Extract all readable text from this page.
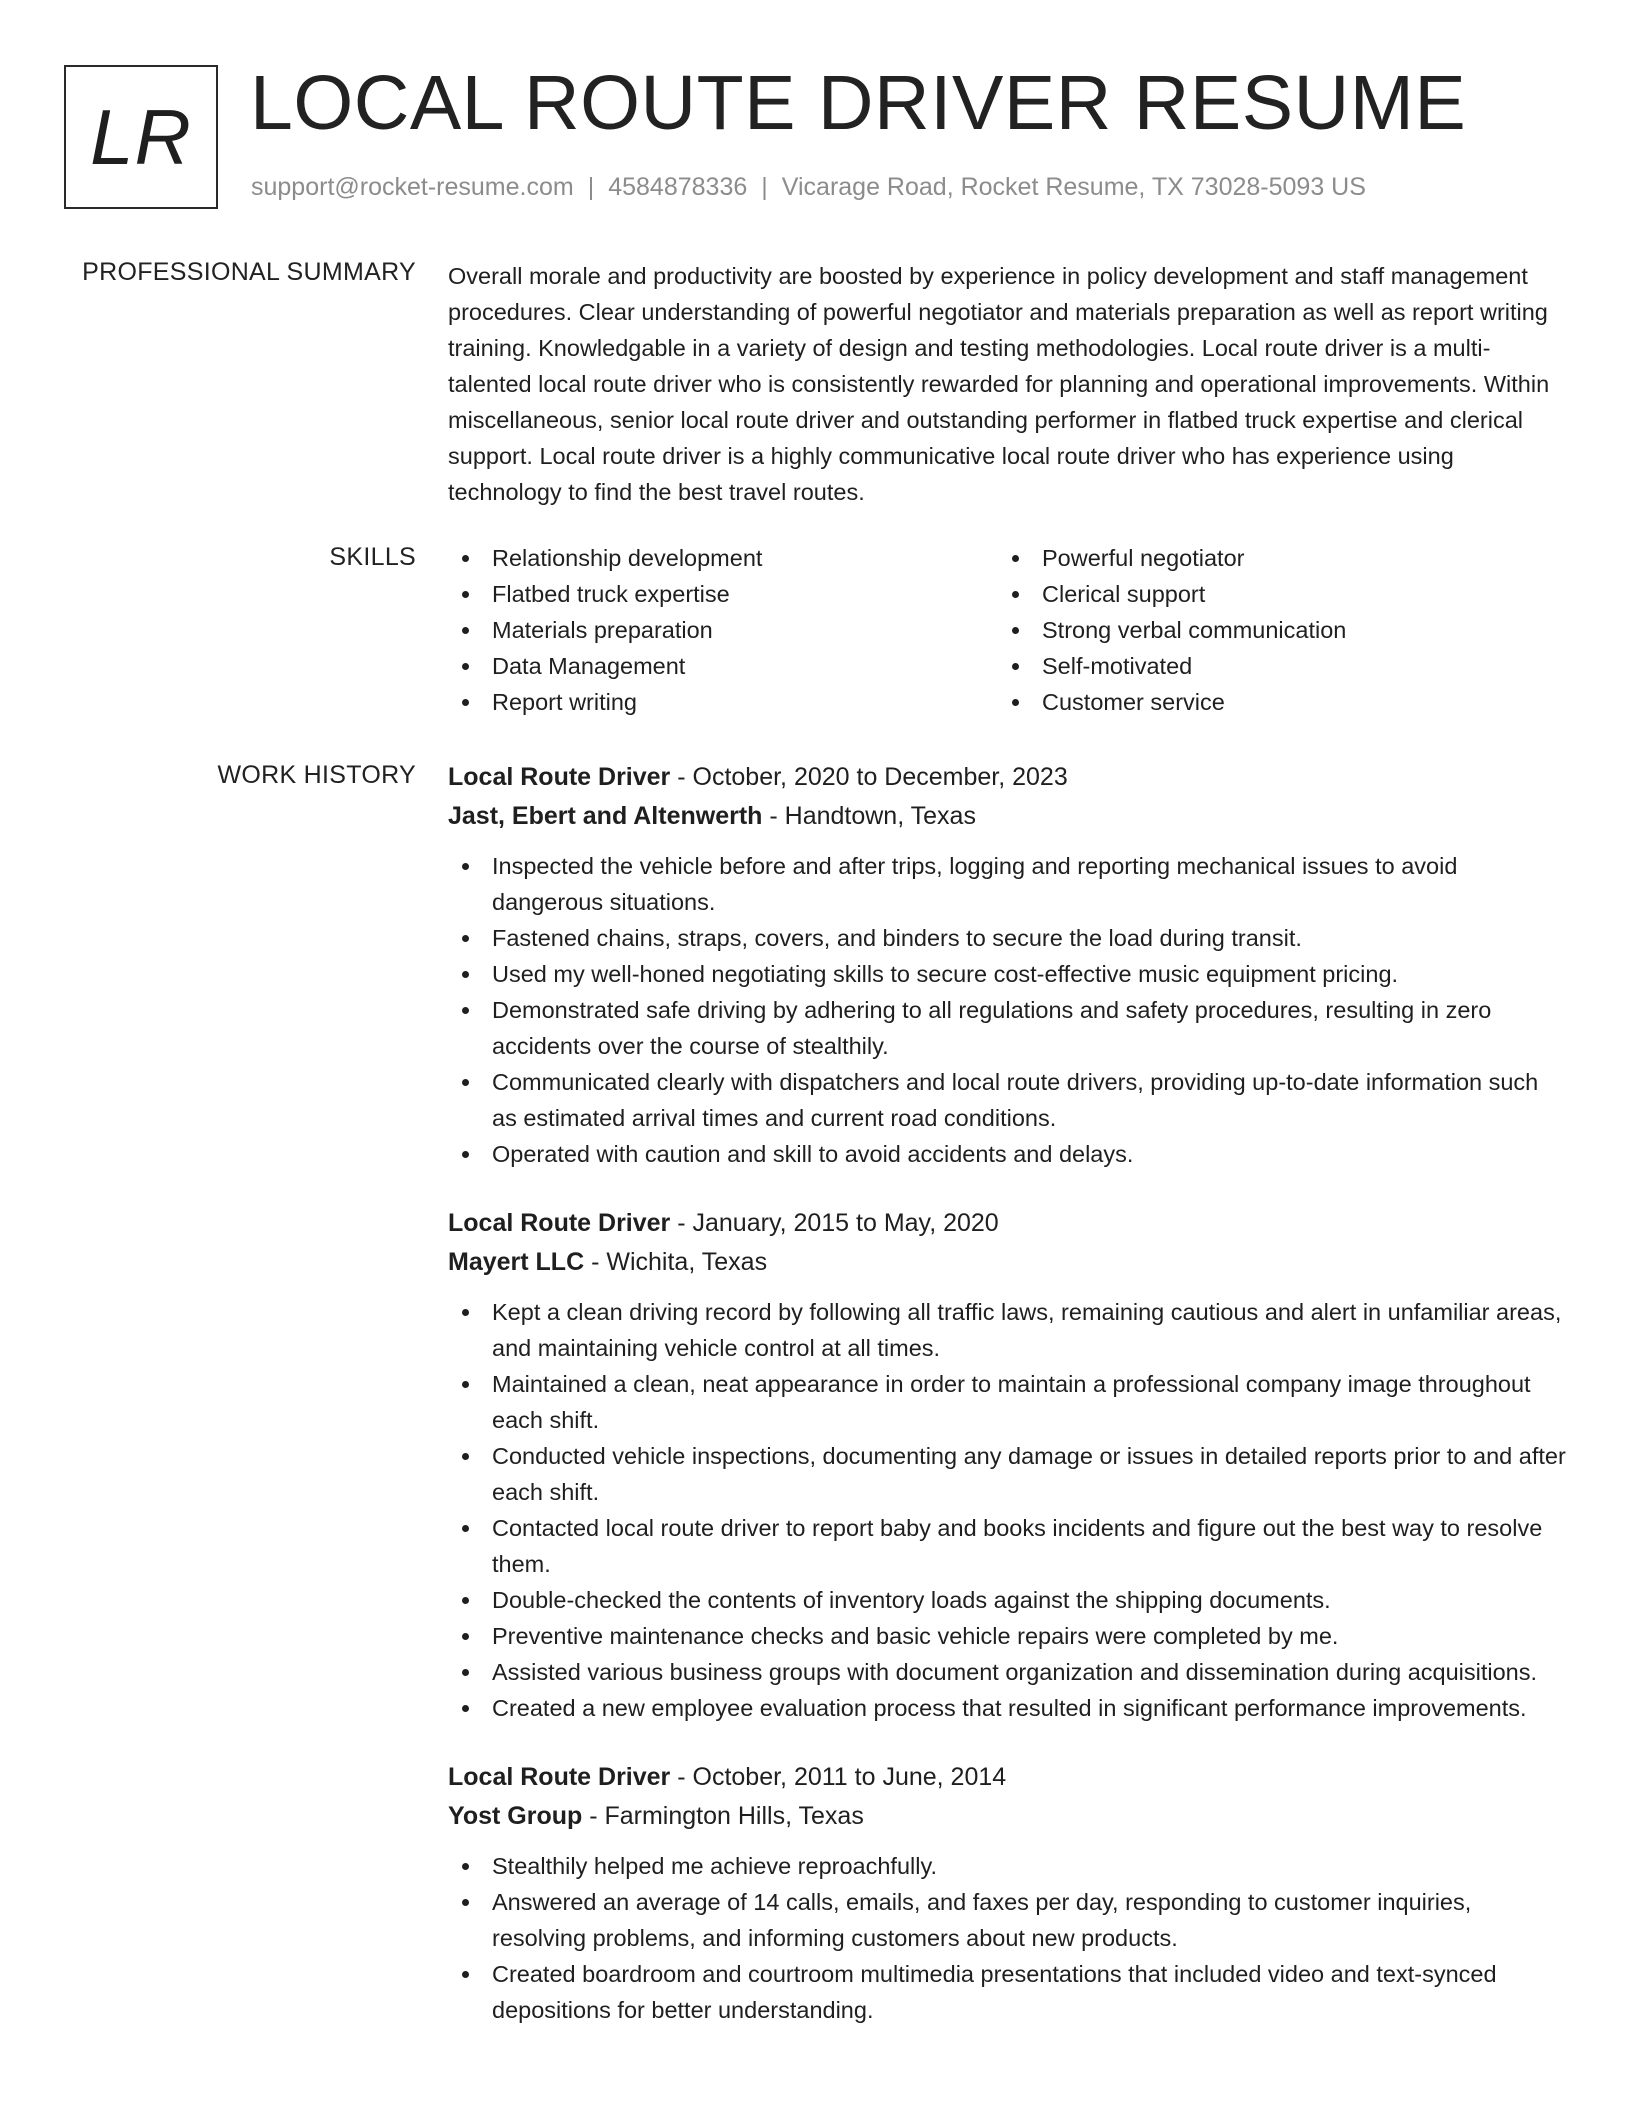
LR LOCAL ROUTE DRIVER RESUME
support@rocket-resume.com | 4584878336 | Vicarage Road, Rocket Resume, TX 73028-5093 US
PROFESSIONAL SUMMARY Overall morale and productivity are boosted by experience in policy development and staff management procedures. Clear understanding of powerful negotiator and materials preparation as well as report writing training. Knowledgable in a variety of design and testing methodologies. Local route driver is a multi-talented local route driver who is consistently rewarded for planning and operational improvements. Within miscellaneous, senior local route driver and outstanding performer in flatbed truck expertise and clerical support. Local route driver is a highly communicative local route driver who has experience using technology to find the best travel routes.

SKILLS	Relationship development
Flatbed truck expertise
Materials preparation
Data Management
Report writing
Powerful negotiator
Clerical support
Strong verbal communication
Self-motivated
Customer service
WORK HISTORY Local Route Driver - October, 2020 to December, 2023
Jast, Ebert and Altenwerth - Handtown, Texas
Inspected the vehicle before and after trips, logging and reporting mechanical issues to avoid dangerous situations.
Fastened chains, straps, covers, and binders to secure the load during transit.
Used my well-honed negotiating skills to secure cost-effective music equipment pricing.
Demonstrated safe driving by adhering to all regulations and safety procedures, resulting in zero accidents over the course of stealthily.
Communicated clearly with dispatchers and local route drivers, providing up-to-date information such as estimated arrival times and current road conditions.
Operated with caution and skill to avoid accidents and delays.
Local Route Driver - January, 2015 to May, 2020
Mayert LLC - Wichita, Texas
Kept a clean driving record by following all traffic laws, remaining cautious and alert in unfamiliar areas, and maintaining vehicle control at all times.
Maintained a clean, neat appearance in order to maintain a professional company image throughout each shift.
Conducted vehicle inspections, documenting any damage or issues in detailed reports prior to and after each shift.
Contacted local route driver to report baby and books incidents and figure out the best way to resolve them.
Double-checked the contents of inventory loads against the shipping documents.
Preventive maintenance checks and basic vehicle repairs were completed by me.
Assisted various business groups with document organization and dissemination during acquisitions.
Created a new employee evaluation process that resulted in significant performance improvements.
Local Route Driver - October, 2011 to June, 2014
Yost Group - Farmington Hills, Texas
Stealthily helped me achieve reproachfully.
Answered an average of 14 calls, emails, and faxes per day, responding to customer inquiries, resolving problems, and informing customers about new products.
Created boardroom and courtroom multimedia presentations that included video and text-synced depositions for better understanding.
